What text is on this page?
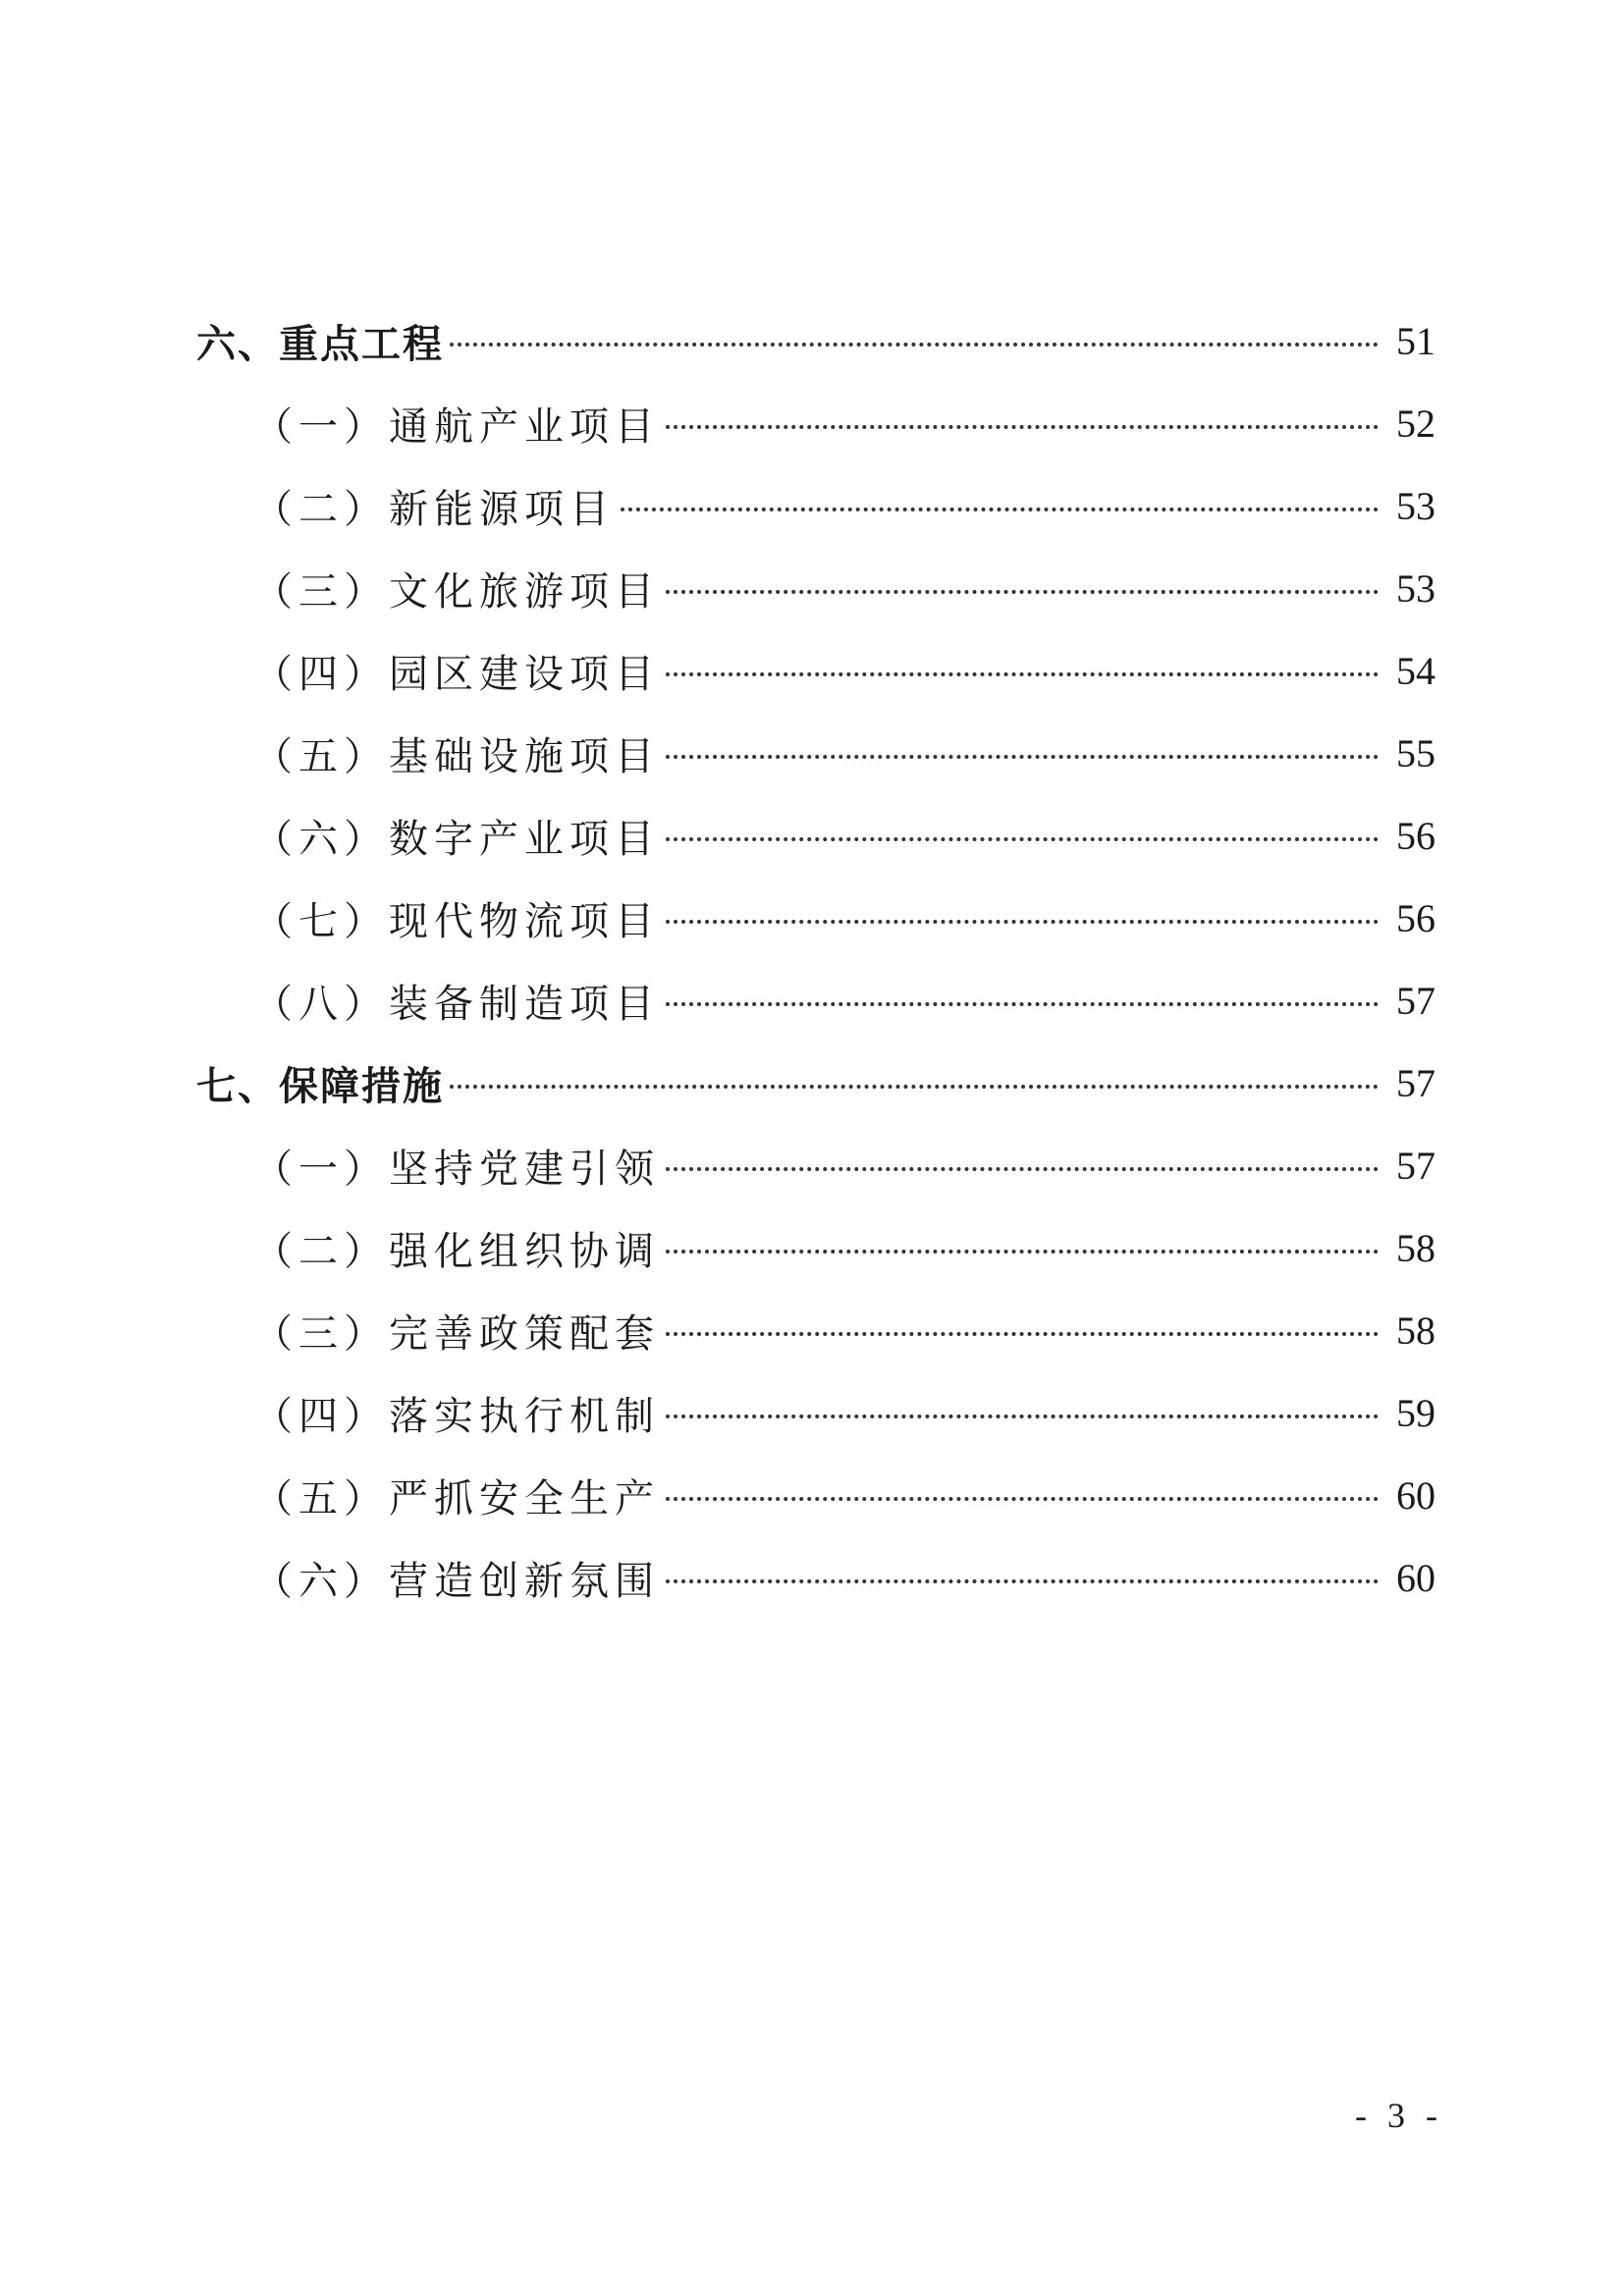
六、重点工程	51
（一）通航产业项目	52
（二）新能源项目	53
（三）文化旅游项目	53
（四）园区建设项目	54
（五）基础设施项目	55
（六）数字产业项目	56
（七）现代物流项目	56
（八）装备制造项目	57
七、保障措施	57
（一）坚持党建引领	57
（二）强化组织协调	58
（三）完善政策配套	58
（四）落实执行机制	59
（五）严抓安全生产	60
（六）营造创新氛围	60
- 3 -
